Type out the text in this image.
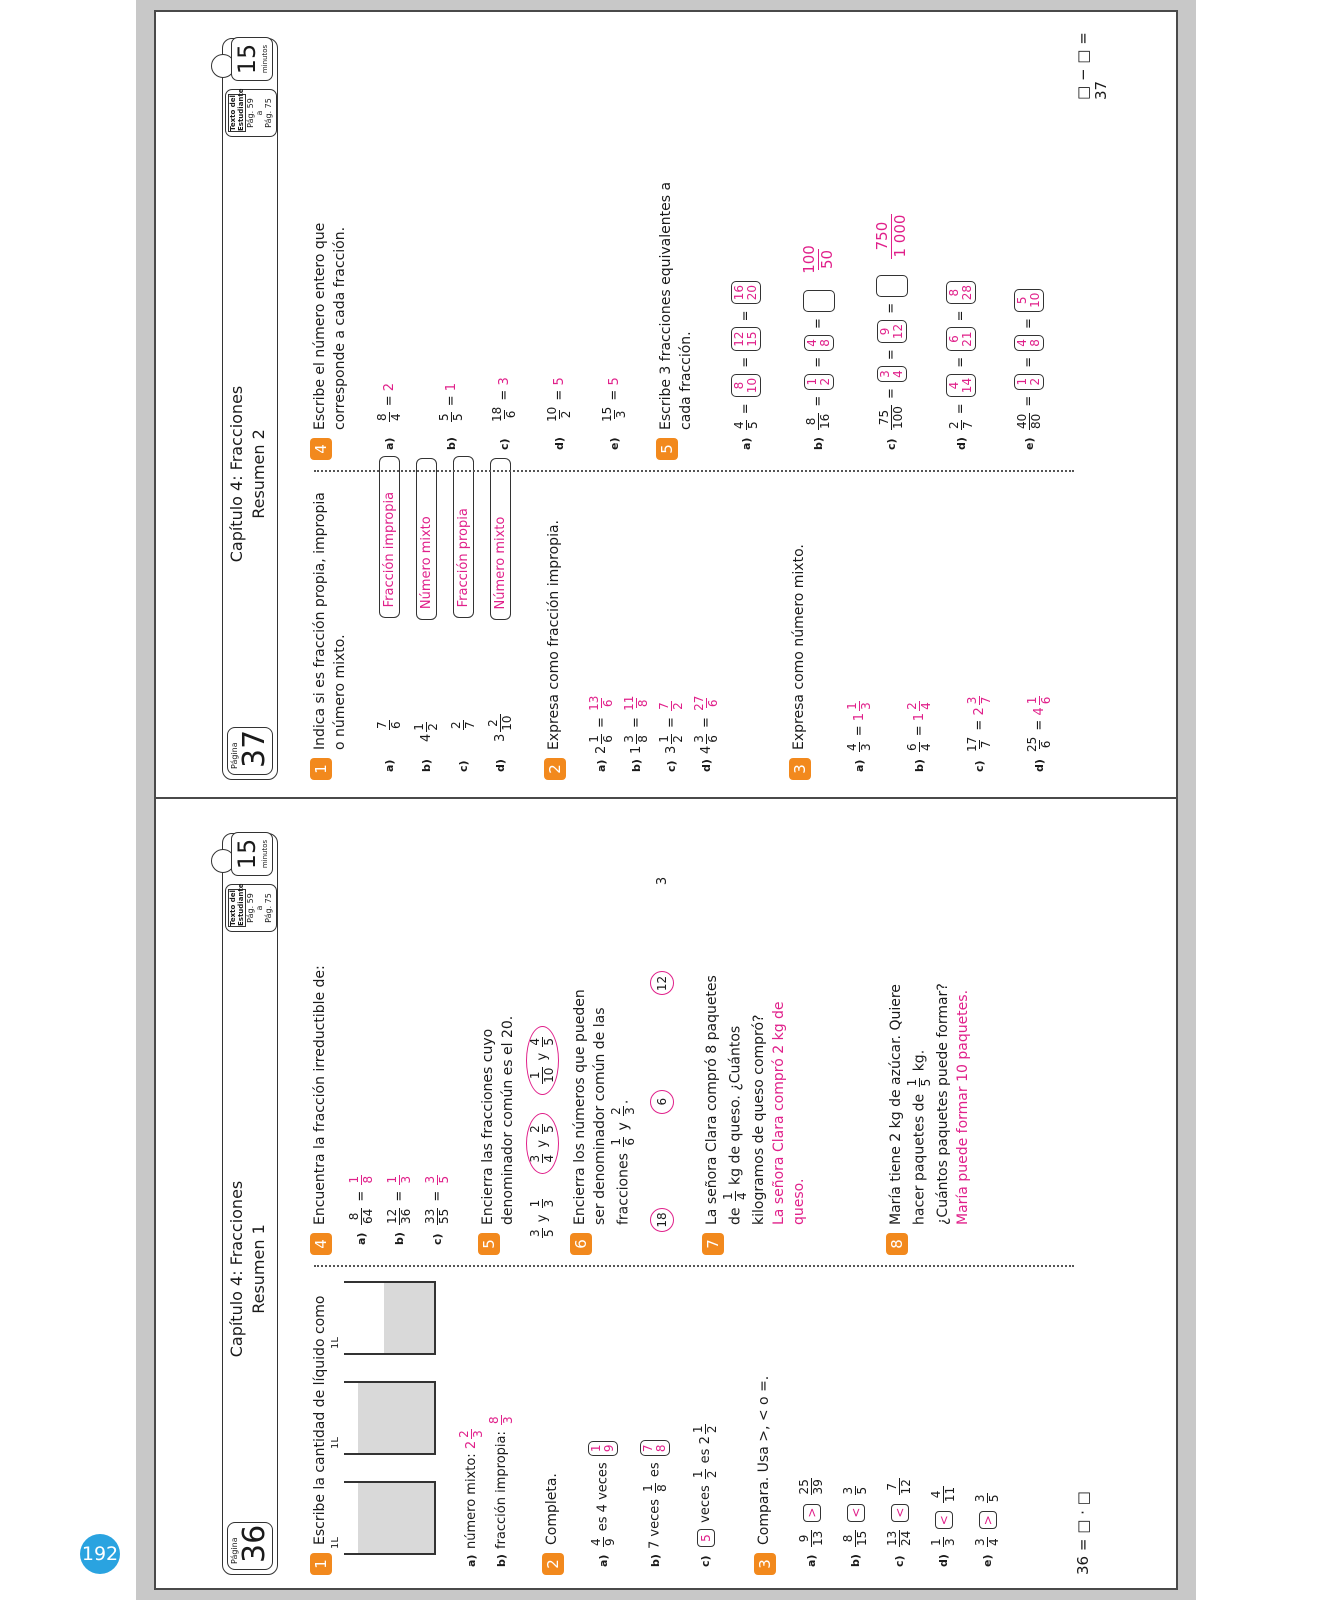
192
Página
37
Capítulo 4: Fracciones Resumen 2
Texto del Estudiante Pág. 59 a Pág. 75
15 minutos
1
Indica si es fracción propia, impropia o número mixto.
a)
7 6
Fracción impropia
b)4
1 2
Número mixto
c)
2 7
Fracción propia
d)3
2 10
Número mixto
2
Expresa como fracción impropia.
a)2
1 6
=
13 6
b)1
3 8
=
11 8
c)3
1 2
=
7 2
d)4
3 6
=
27 6
3
Expresa como número mixto.
a)
4 3
= 1
1 3
b)
6 4
= 1
2 4
c)
17 7
= 2
3 7
d)
25 6
= 4
1 6
4
Escribe el número entero que corresponde a cada fracción.
a)
8 4
= 2
b)
5 5
= 1
c)
18 6
= 3
d)
10 2
= 5
e)
15 3
= 5
5
Escribe 3 fracciones equivalentes a cada fracción.
a)
4 5
=
8 10
=
12 15
=
16 20
b)
8 16
=
1 2
=
4 8
=
100 50
c)
75 100
=
3 4
=
9 12
=
750 1 000
d)
2 7
=
4 14
=
6 21
=
8 28
e)
40 80
=
1 2
=
4 8
=
5 10
□ − □ = 37
Página
36
Capítulo 4: Fracciones Resumen 1
Texto del Estudiante Pág. 59 a Pág. 75
15 minutos
1
Escribe la cantidad de líquido como 1L
1L
1L
a)número mixto: 2
2 3
b)fracción impropia:
8 3
2
Completa.
a)
4 9
es 4 veces
1 9
b)7 veces
1 8
es
7 8
c)5 veces
1 2
es 2
1 2
3
Compara. Usa >, < o =.
a)
9 13
>
25 39
b)
8 15
<
3 5
c)
13 24
<
7 12
d)
1 3
<
4 11
e)
3 4
>
3 5
4
Encuentra la fracción irreductible de:
a)
8 64
=
1 8
b)
12 36
=
1 3
c)
33 55
=
3 5
5
Encierra las fracciones cuyo denominador común es el 20.
3 5
y
1 3

3 4
y
2 5

1 10
y
4 5
6
Encierra los números que pueden ser denominador común de las fracciones
1 6
y
2 3
.
18  6  12  3
7
La señora Clara compró 8 paquetes de
1 4
kg de queso. ¿Cuántos kilogramos de queso compró? La señora Clara compró 2 kg de queso.
8
María tiene 2 kg de azúcar. Quiere hacer paquetes de
1 5
kg. ¿Cuántos paquetes puede formar? María puede formar 10 paquetes.
36 = □ · □
